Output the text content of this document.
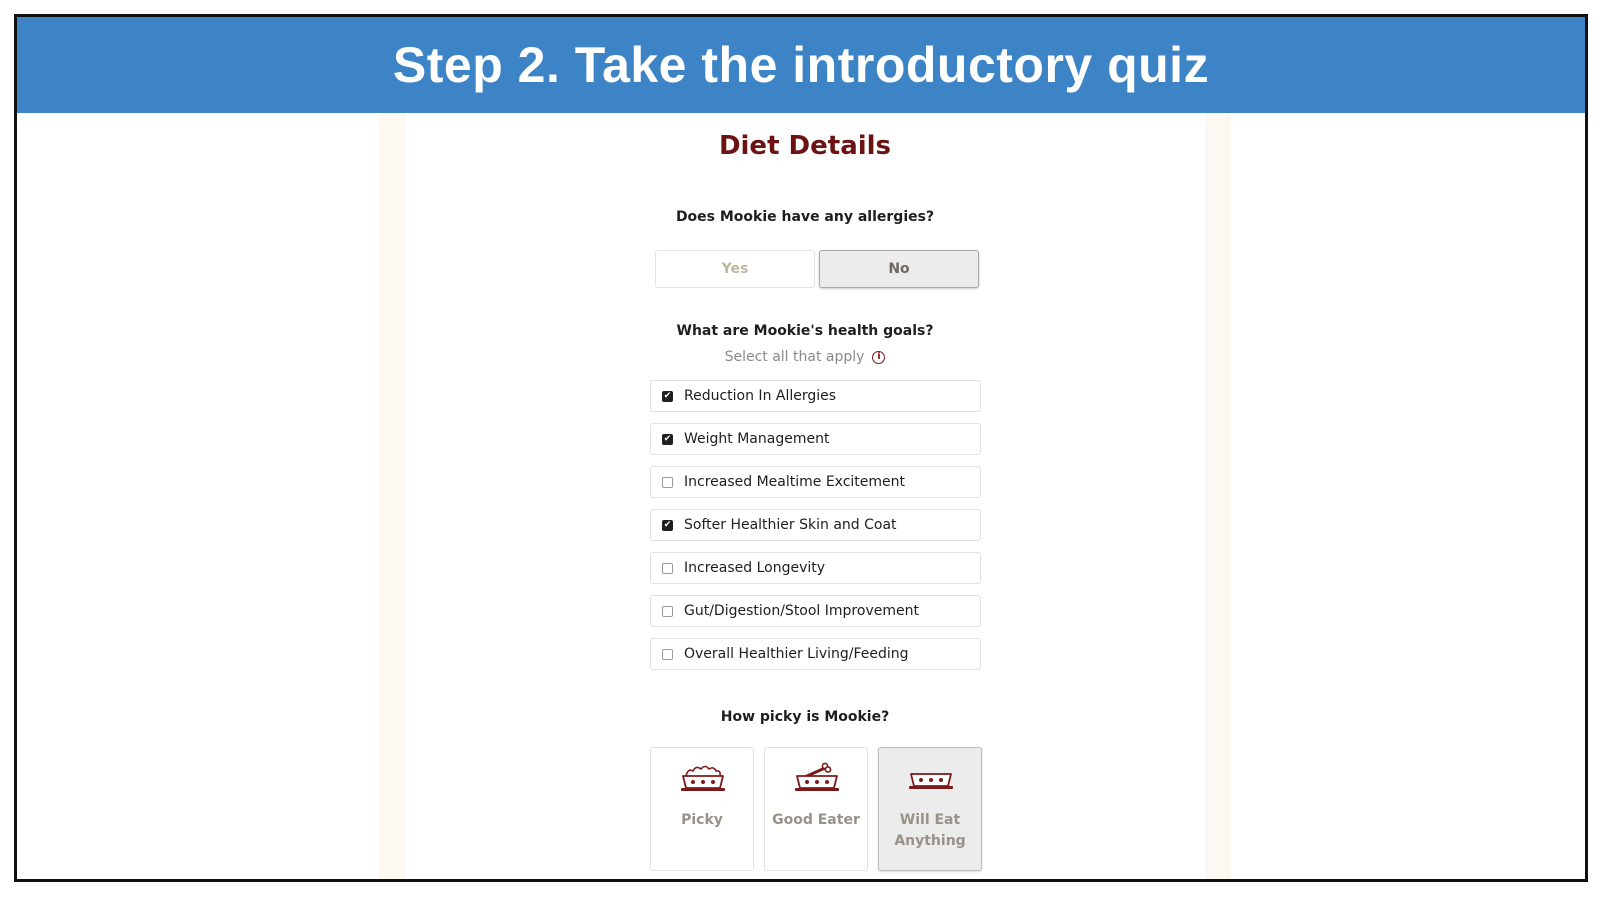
Step 2. Take the introductory quiz
Diet Details
Does Mookie have any allergies?
Yes	No
What are Mookie's health goals?
Select all that apply i
✔ Reduction In Allergies
✔ Weight Management
Increased Mealtime Excitement
✔ Softer Healthier Skin and Coat
Increased Longevity
Gut/Digestion/Stool Improvement
Overall Healthier Living/Feeding
How picky is Mookie?
Picky	Good Eater	Will Eat Anything
